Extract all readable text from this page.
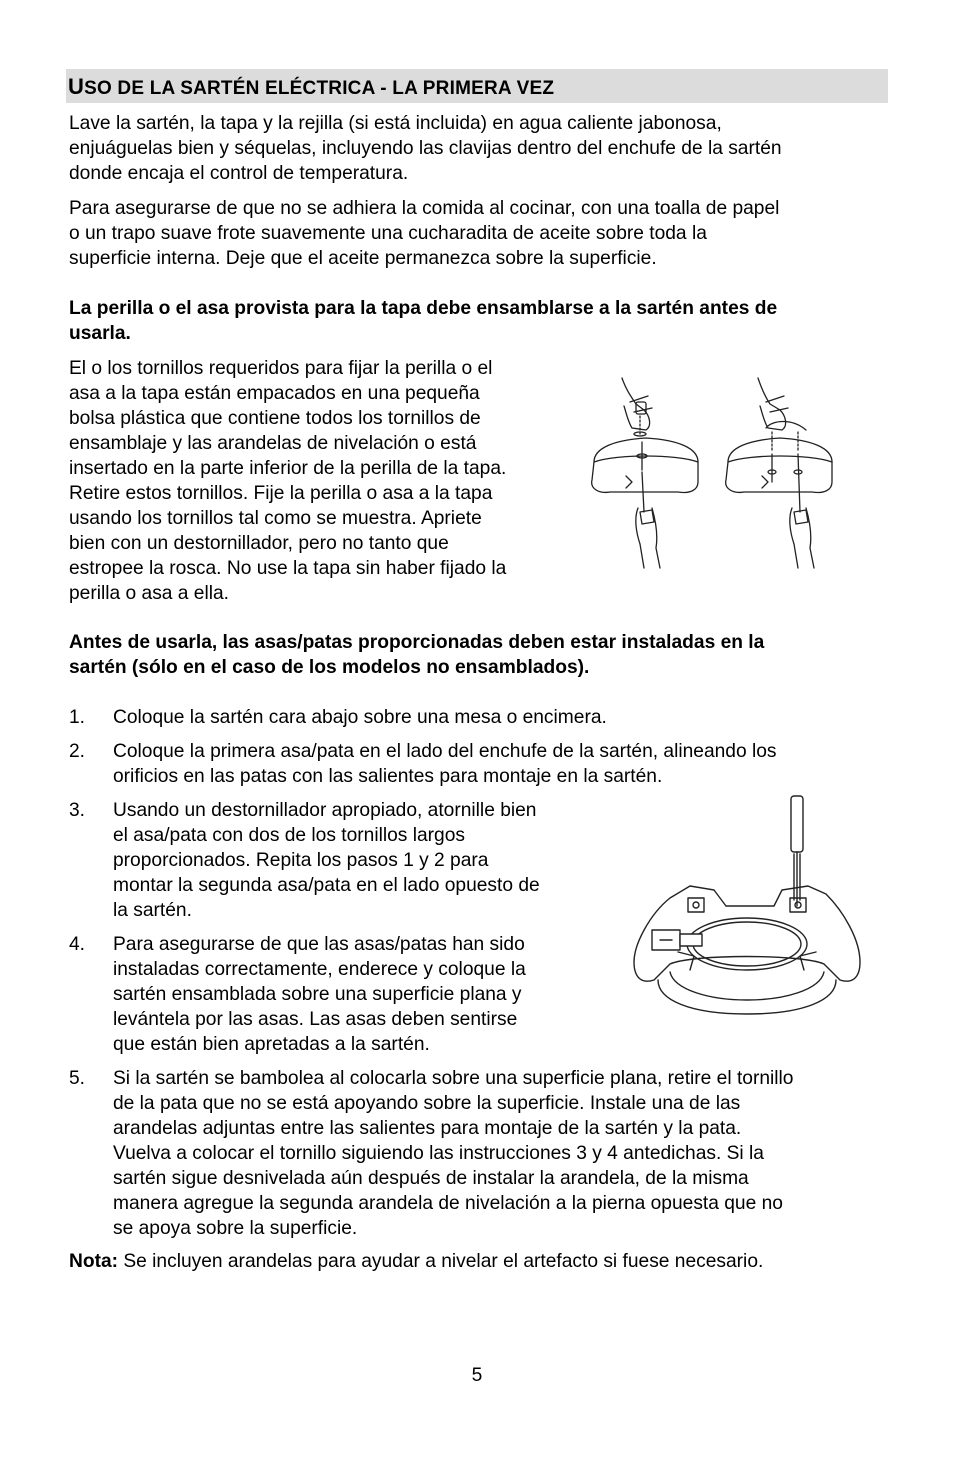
USO DE LA SARTÉN ELÉCTRICA - LA PRIMERA VEZ

Lave la sartén, la tapa y la rejilla (si está incluida) en agua caliente jabonosa,
enjuáguelas bien y séquelas, incluyendo las clavijas dentro del enchufe de la sartén
donde encaja el control de temperatura.

Para asegurarse de que no se adhiera la comida al cocinar, con una toalla de papel
o un trapo suave frote suavemente una cucharadita de aceite sobre toda la
superficie interna. Deje que el aceite permanezca sobre la superficie.

La perilla o el asa provista para la tapa debe ensamblarse a la sartén antes de
usarla.

El o los tornillos requeridos para fijar la perilla o el
asa a la tapa están empacados en una pequeña
bolsa plástica que contiene todos los tornillos de
ensamblaje y las arandelas de nivelación o está
insertado en la parte inferior de la perilla de la tapa.
Retire estos tornillos. Fije la perilla o asa a la tapa
usando los tornillos tal como se muestra. Apriete
bien con un destornillador, pero no tanto que
estropee la rosca. No use la tapa sin haber fijado la
perilla o asa a ella.

Antes de usarla, las asas/patas proporcionadas deben estar instaladas en la
sartén (sólo en el caso de los modelos no ensamblados).

1. Coloque la sartén cara abajo sobre una mesa o encimera.

2. Coloque la primera asa/pata en el lado del enchufe de la sartén, alineando los
orificios en las patas con las salientes para montaje en la sartén.

3. Usando un destornillador apropiado, atornille bien
el asa/pata con dos de los tornillos largos
proporcionados. Repita los pasos 1 y 2 para
montar la segunda asa/pata en el lado opuesto de
la sartén.

4. Para asegurarse de que las asas/patas han sido
instaladas correctamente, enderece y coloque la
sartén ensamblada sobre una superficie plana y
levántela por las asas. Las asas deben sentirse
que están bien apretadas a la sartén.

5. Si la sartén se bambolea al colocarla sobre una superficie plana, retire el tornillo
de la pata que no se está apoyando sobre la superficie. Instale una de las
arandelas adjuntas entre las salientes para montaje de la sartén y la pata.
Vuelva a colocar el tornillo siguiendo las instrucciones 3 y 4 antedichas. Si la
sartén sigue desnivelada aún después de instalar la arandela, de la misma
manera agregue la segunda arandela de nivelación a la pierna opuesta que no
se apoya sobre la superficie.

Nota: Se incluyen arandelas para ayudar a nivelar el artefacto si fuese necesario.

5
